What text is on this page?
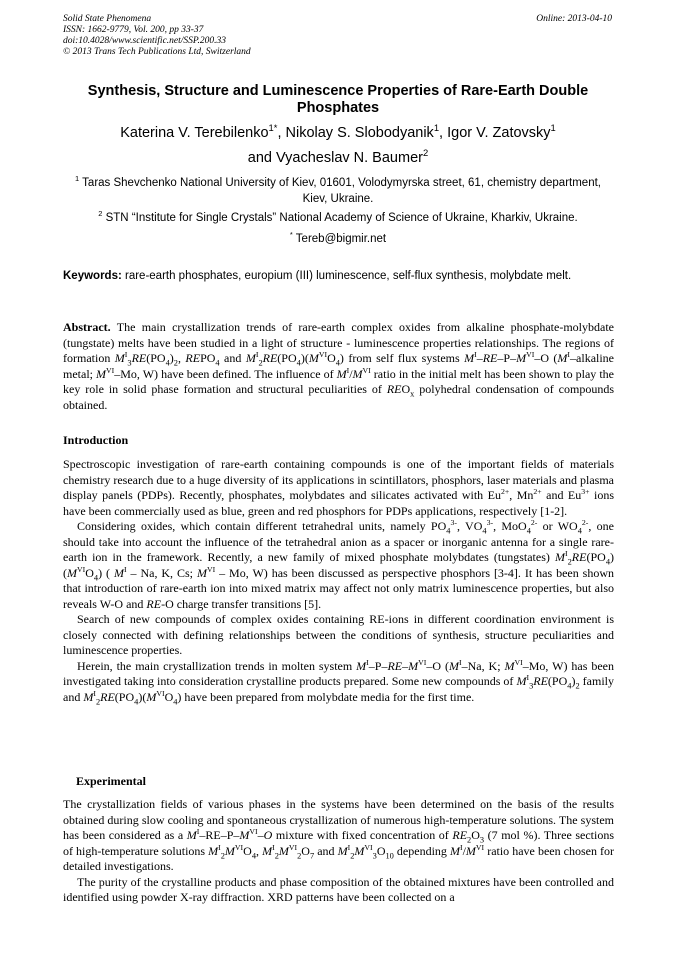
Solid State Phenomena
ISSN: 1662-9779, Vol. 200, pp 33-37
doi:10.4028/www.scientific.net/SSP.200.33
© 2013 Trans Tech Publications Ltd, Switzerland
Online: 2013-04-10
Synthesis, Structure and Luminescence Properties of Rare-Earth Double Phosphates
Katerina V. Terebilenko$^{1*}$, Nikolay S. Slobodyanik$^1$, Igor V. Zatovsky$^1$
and Vyacheslav N. Baumer$^2$
$^1$ Taras Shevchenko National University of Kiev, 01601, Volodymyrska street, 61, chemistry department, Kiev, Ukraine.
$^2$ STN “Institute for Single Crystals” National Academy of Science of Ukraine, Kharkiv, Ukraine.
* Tereb@bigmir.net
Keywords: rare-earth phosphates, europium (III) luminescence, self-flux synthesis, molybdate melt.

Abstract. The main crystallization trends of rare-earth complex oxides from alkaline phosphate-molybdate (tungstate) melts have been studied in a light of structure - luminescence properties relationships. The regions of formation $M^I_3RE(PO_4)_2$, $REPO_4$ and $M^I_2RE(PO_4)(M^{VI}O_4)$ from self flux systems $M^I-RE-P-M^{VI}-O$ ($M^I$–alkaline metal; $M^{VI}-Mo$, W) have been defined. The influence of $M^I/M^{VI}$ ratio in the initial melt has been shown to play the key role in solid phase formation and structural peculiarities of $REO_x$ polyhedral condensation of compounds obtained.

Introduction

Spectroscopic investigation of rare-earth containing compounds is one of the important fields of materials chemistry research due to a huge diversity of its applications in scintillators, phosphors, laser materials and plasma display panels (PDPs). Recently, phosphates, molybdates and silicates activated with $Eu^{2+}$, $Mn^{2+}$ and $Eu^{3+}$ ions have been commercially used as blue, green and red phosphors for PDPs applications, respectively [1-2].

Considering oxides, which contain different tetrahedral units, namely $PO_4^{3-}$, $VO_4^{3-}$, MoO$_4^{2-}$ or $WO_4^{2-}$, one should take into account the influence of the tetrahedral anion as a spacer or inorganic antenna for a single rare-earth ion in the framework. Recently, a new family of mixed phosphate molybdates (tungstates) $M^I_2RE(PO_4)(M^{VI}O_4)$ ( $M^I$ – Na, K, Cs; $M^{VI}$ – Mo, W) has been discussed as perspective phosphors [3-4]. It has been shown that introduction of rare-earth ion into mixed matrix may affect not only matrix luminescence properties, but also reveals W-O and RE-O charge transfer transitions [5].

Search of new compounds of complex oxides containing RE-ions in different coordination environment is closely connected with defining relationships between the conditions of synthesis, structure peculiarities and luminescence properties.

Herein, the main crystallization trends in molten system $M^I-P-RE-M^{VI}-O$ ($M^I-Na$, K; $M^{VI}-Mo$, W) has been investigated taking into consideration crystalline products prepared. Some new compounds of $M^I_3RE(PO_4)_2$ family and $M^I_2RE(PO_4)(M^{VI}O_4)$ have been prepared from molybdate media for the first time.

Experimental

The crystallization fields of various phases in the systems have been determined on the basis of the results obtained during slow cooling and spontaneous crystallization of numerous high-temperature solutions. The system has been considered as a $M^I-RE-P-M^{VI}-O$ mixture with fixed concentration of $RE_2O_3$ (7 mol %). Three sections of high-temperature solutions $M^I_2M^{VI}O_4$, $M^I_2M^{VI}_2O_7$ and $M^I_2M^{VI}_3O_{10}$ depending $M^I/M^{VI}$ ratio have been chosen for detailed investigations.

The purity of the crystalline products and phase composition of the obtained mixtures have been controlled and identified using powder X-ray diffraction. XRD patterns have been collected on a
